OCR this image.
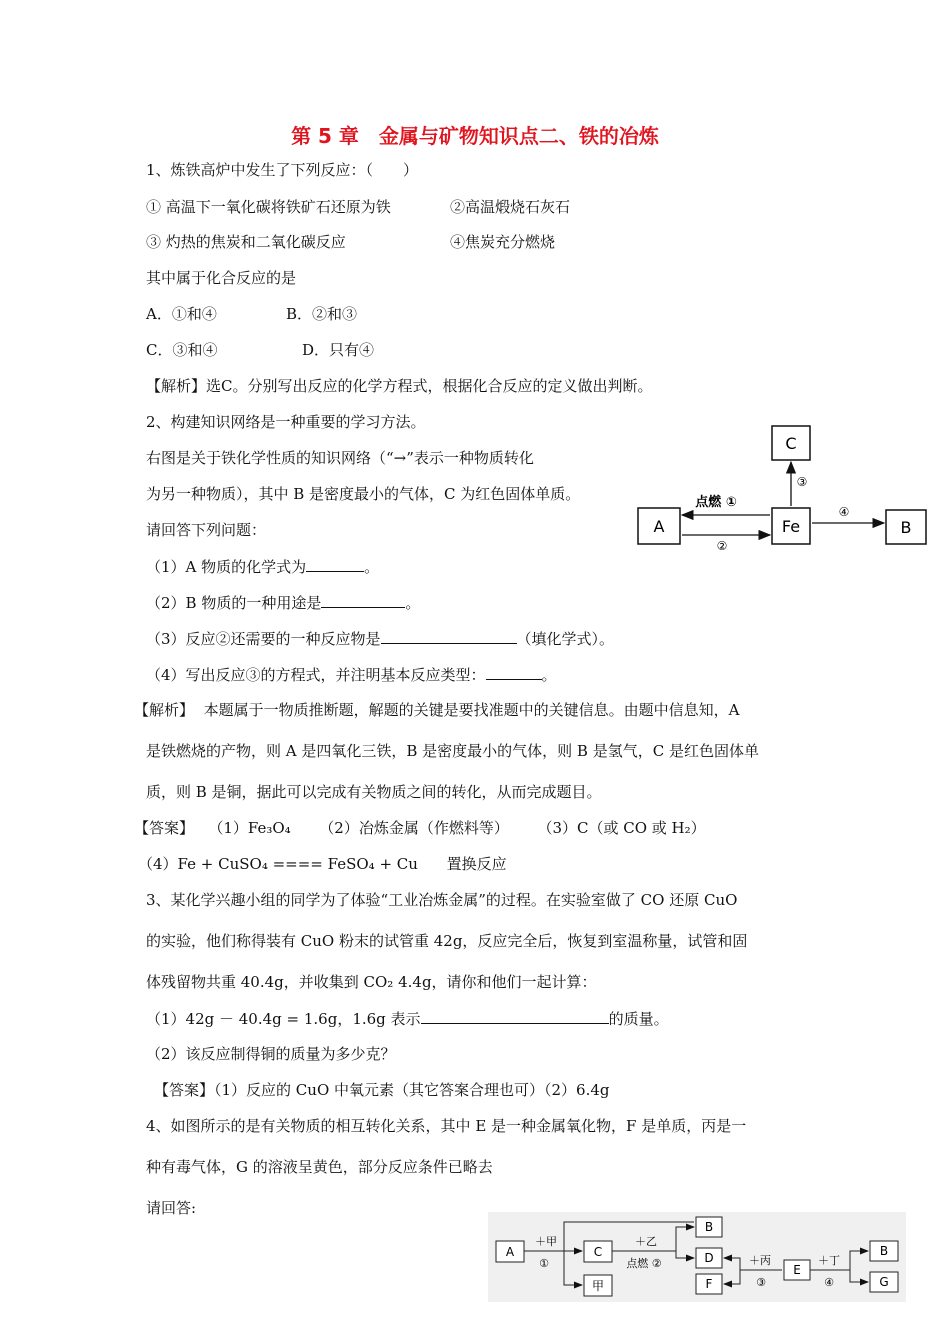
第 5 章　金属与矿物知识点二、铁的冶炼
1、炼铁高炉中发生了下列反应：（　　）
① 高温下一氧化碳将铁矿石还原为铁	②高温煅烧石灰石
③ 灼热的焦炭和二氧化碳反应	④焦炭充分燃烧
其中属于化合反应的是
A．①和④	B．②和③
C．③和④	D．只有④
【解析】选C。分别写出反应的化学方程式，根据化合反应的定义做出判断。
2、构建知识网络是一种重要的学习方法。
右图是关于铁化学性质的知识网络（“→”表示一种物质转化
为另一种物质），其中 B 是密度最小的气体，C 为红色固体单质。
请回答下列问题：
（1）A 物质的化学式为	。
（2）B 物质的一种用途是	。
（3）反应②还需要的一种反应物是	（填化学式）。
（4）写出反应③的方程式，并注明基本反应类型：	。
【解析】 本题属于一物质推断题，解题的关键是要找准题中的关键信息。由题中信息知，A
是铁燃烧的产物，则 A 是四氧化三铁，B 是密度最小的气体，则 B 是氢气，C 是红色固体单
质，则 B 是铜，据此可以完成有关物质之间的转化，从而完成题目。
【答案】 （1）Fe₃O₄ （2）冶炼金属（作燃料等） （3）C（或 CO 或 H₂）
（4）Fe + CuSO₄ ==== FeSO₄ + Cu 置换反应
C
A	Fe	B
点燃 ①
②
③
④
3、某化学兴趣小组的同学为了体验“工业冶炼金属”的过程。在实验室做了 CO 还原 CuO
的实验，他们称得装有 CuO 粉末的试管重 42g，反应完全后，恢复到室温称量，试管和固
体残留物共重 40.4g，并收集到 CO₂ 4.4g，请你和他们一起计算：
（1）42g － 40.4g = 1.6g，1.6g 表示	的质量。
（2）该反应制得铜的质量为多少克？
【答案】（1）反应的 CuO 中氧元素（其它答案合理也可）（2）6.4g
4、如图所示的是有关物质的相互转化关系，其中 E 是一种金属氧化物，F 是单质，丙是一
种有毒气体，G 的溶液呈黄色，部分反应条件已略去
请回答:
A	C
甲
B
D
F
E
B
G
＋甲
①
＋乙
点燃 ②	＋丙
③
＋丁
④
